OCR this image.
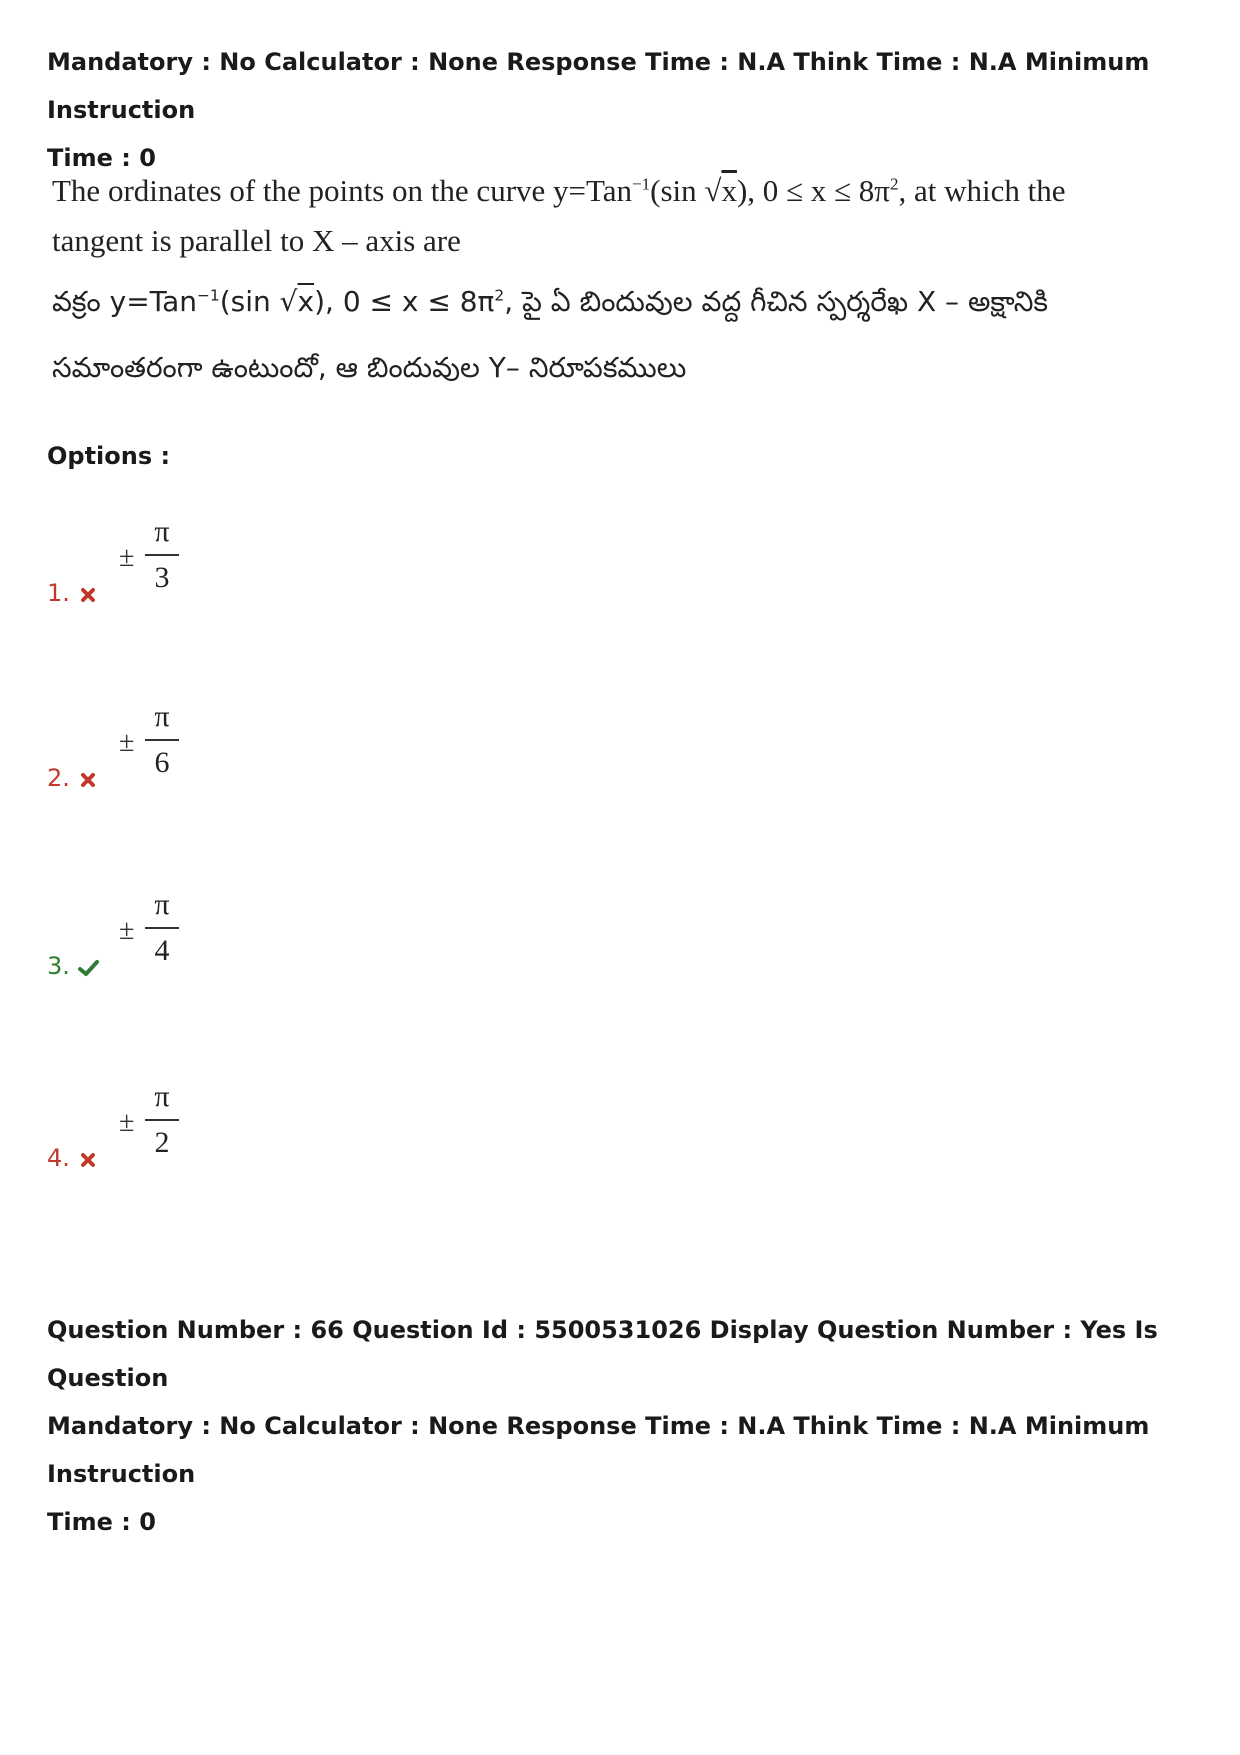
Mandatory : No Calculator : None Response Time : N.A Think Time : N.A Minimum Instruction
Time : 0
The ordinates of the points on the curve y=Tan$^{-1}$(sin √x), $0 \le x \le 8\pi^2$, at which the
tangent is parallel to X – axis are
వక్రం y=Tan$^{-1}$(sin √x), $0 \le x \le 8\pi^2$, పై ఏ బిందువుల వద్ద గీచిన స్పర్శరేఖ X – అక్షానికి
సమాంతరంగా ఉంటుందో, ఆ బిందువుల Y– నిరూపకములు
Options :
1.
±
π
3
2.
±
π
6
3.
±
π
4
4.
±
π
2
Question Number : 66 Question Id : 5500531026 Display Question Number : Yes Is Question
Mandatory : No Calculator : None Response Time : N.A Think Time : N.A Minimum Instruction
Time : 0
